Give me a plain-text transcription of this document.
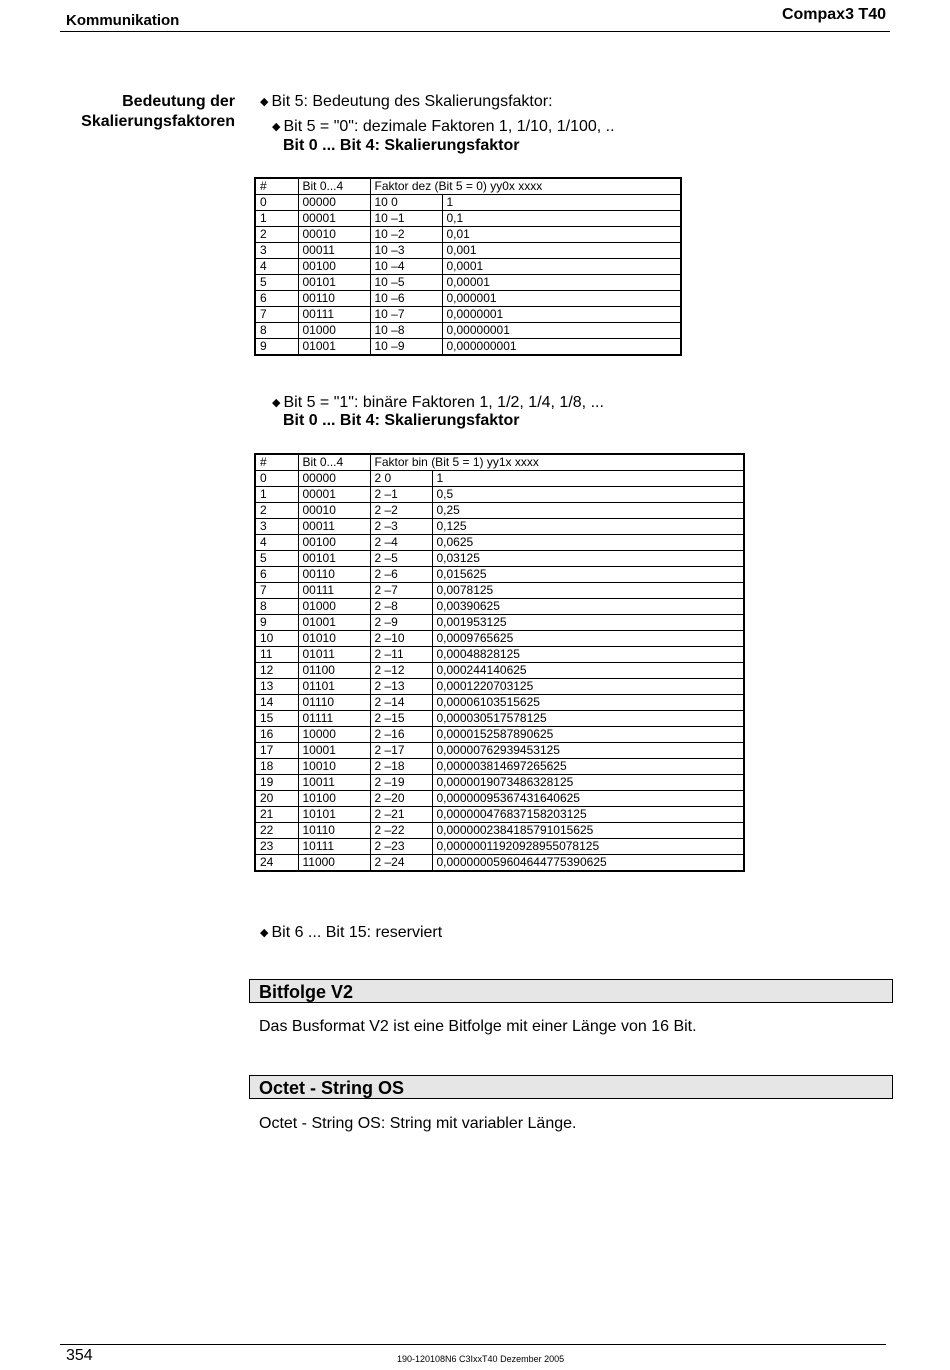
Kommunikation	Compax3 T40
Bedeutung der
Skalierungsfaktoren
◆ Bit 5: Bedeutung des Skalierungsfaktor:
◆ Bit 5 = "0": dezimale Faktoren 1, 1/10, 1/100, ..
Bit 0 ... Bit 4: Skalierungsfaktor
#	Bit 0...4	Faktor dez (Bit 5 = 0) yy0x xxxx	
0	00000	10 0	1
1	00001	10 –1	0,1
2	00010	10 –2	0,01
3	00011	10 –3	0,001
4	00100	10 –4	0,0001
5	00101	10 –5	0,00001
6	00110	10 –6	0,000001
7	00111	10 –7	0,0000001
8	01000	10 –8	0,00000001
9	01001	10 –9	0,000000001
◆ Bit 5 = "1": binäre Faktoren 1, 1/2, 1/4, 1/8, ...
Bit 0 ... Bit 4: Skalierungsfaktor
#	Bit 0...4	Faktor bin (Bit 5 = 1) yy1x xxxx	
0	00000	2 0	1
1	00001	2 –1	0,5
2	00010	2 –2	0,25
3	00011	2 –3	0,125
4	00100	2 –4	0,0625
5	00101	2 –5	0,03125
6	00110	2 –6	0,015625
7	00111	2 –7	0,0078125
8	01000	2 –8	0,00390625
9	01001	2 –9	0,001953125
10	01010	2 –10	0,0009765625
11	01011	2 –11	0,00048828125
12	01100	2 –12	0,000244140625
13	01101	2 –13	0,0001220703125
14	01110	2 –14	0,00006103515625
15	01111	2 –15	0,000030517578125
16	10000	2 –16	0,0000152587890625
17	10001	2 –17	0,00000762939453125
18	10010	2 –18	0,000003814697265625
19	10011	2 –19	0,0000019073486328125
20	10100	2 –20	0,00000095367431640625
21	10101	2 –21	0,000000476837158203125
22	10110	2 –22	0,0000002384185791015625
23	10111	2 –23	0,00000011920928955078125
24	11000	2 –24	0,000000059604644775390625
◆ Bit 6 ... Bit 15: reserviert
Bitfolge V2
Das Busformat V2 ist eine Bitfolge mit einer Länge von 16 Bit.
Octet - String OS
Octet - String OS: String mit variabler Länge.
354	190-120108N6 C3IxxT40 Dezember 2005
